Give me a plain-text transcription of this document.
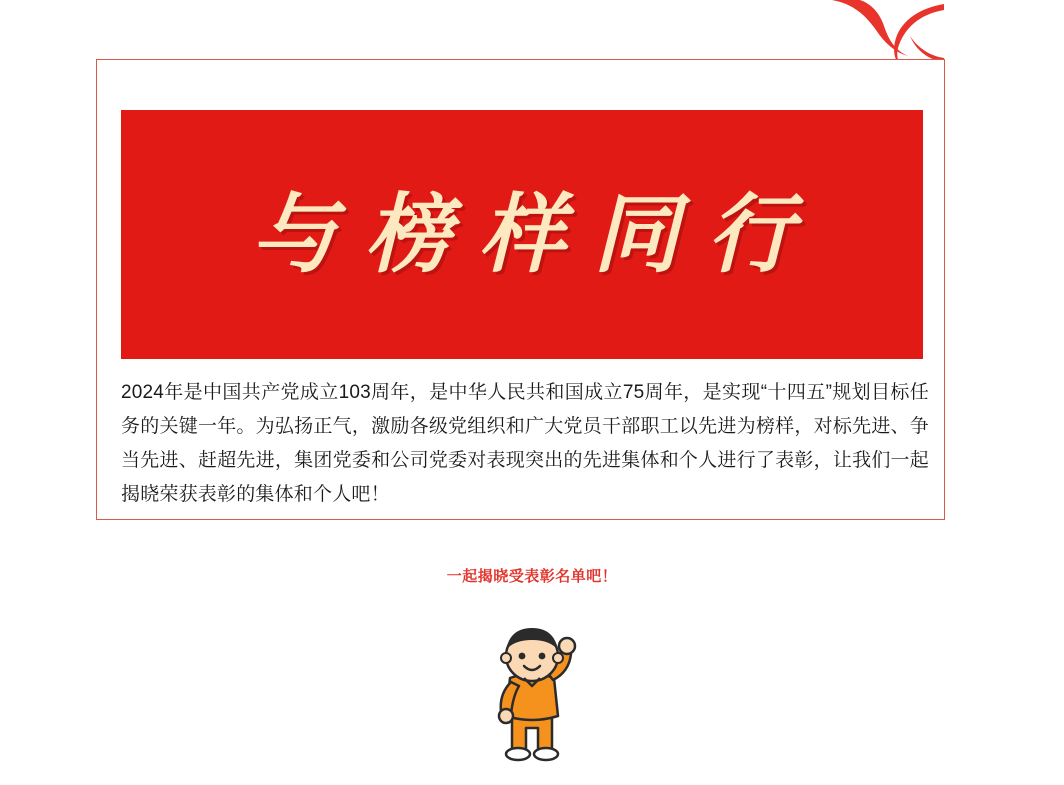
与榜样同行
2024年是中国共产党成立103周年，是中华人民共和国成立75周年，是实现“十四五”规划目标任务的关键一年。为弘扬正气，激励各级党组织和广大党员干部职工以先进为榜样，对标先进、争当先进、赶超先进，集团党委和公司党委对表现突出的先进集体和个人进行了表彰，让我们一起揭晓荣获表彰的集体和个人吧！
一起揭晓受表彰名单吧！
